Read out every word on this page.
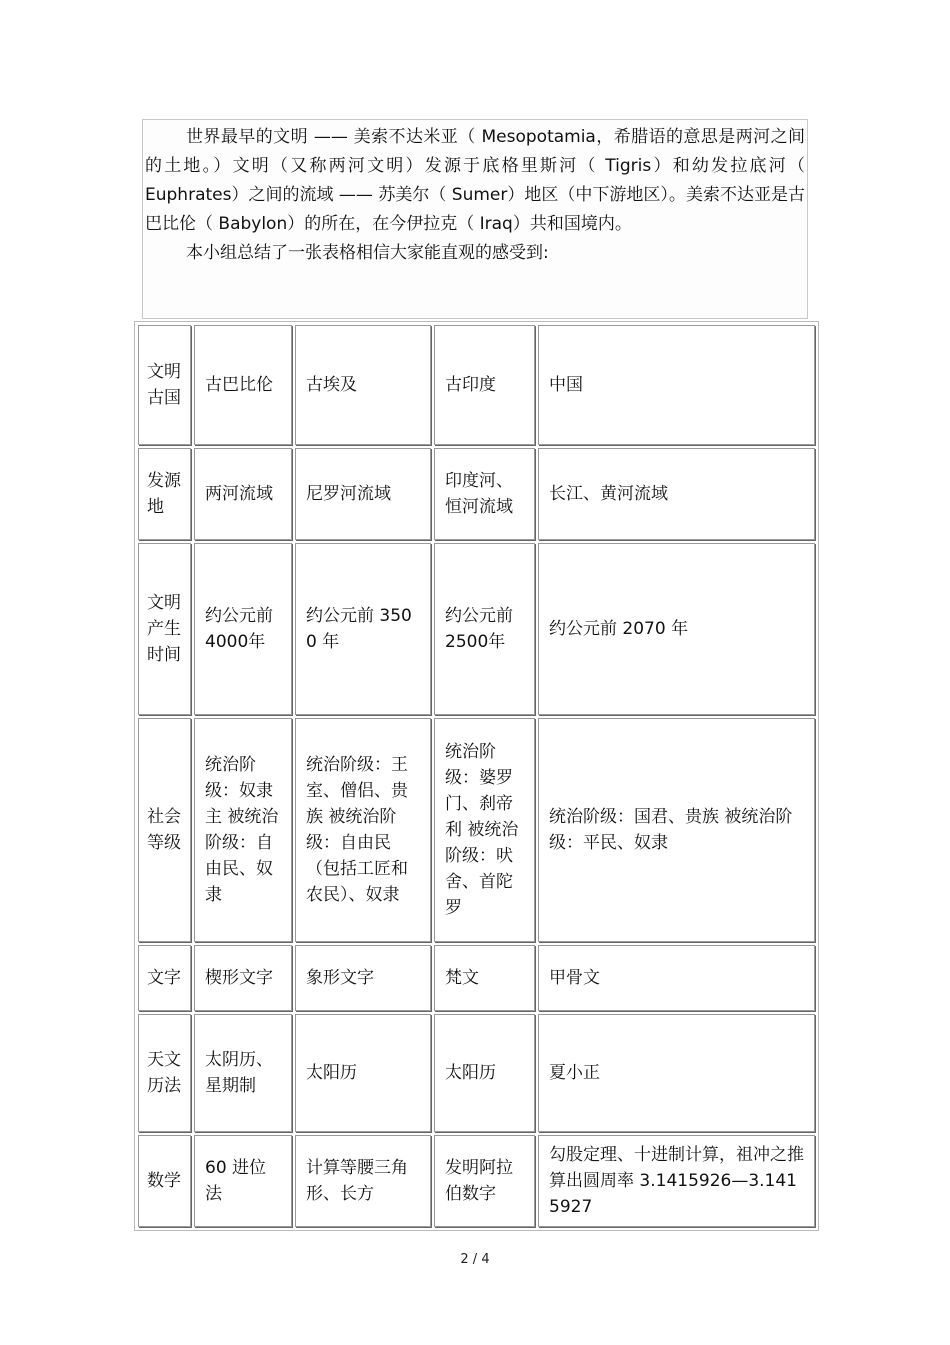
世界最早的文明 —— 美索不达米亚（ Mesopotamia，希腊语的意思是两河之间的土地。）文明（又称两河文明）发源于底格里斯河（ Tigris）和幼发拉底河（ Euphrates）之间的流域 —— 苏美尔（ Sumer）地区（中下游地区）。美索不达亚是古巴比伦（ Babylon）的所在，在今伊拉克（ Iraq）共和国境内。

本小组总结了一张表格相信大家能直观的感受到:

文明古国	古巴比伦	古埃及	古印度	中国
发源地	两河流域	尼罗河流域	印度河、恒河流域	长江、黄河流域
文明产生时间	约公元前 4000年	约公元前 3500 年	约公元前 2500年	约公元前 2070 年
社会等级	统治阶级：奴隶主 被统治阶级：自由民、奴隶	统治阶级：王室、僧侣、贵族 被统治阶级：自由民（包括工匠和农民）、奴隶	统治阶级：婆罗门、刹帝利 被统治阶级：吠舍、首陀罗	统治阶级：国君、贵族 被统治阶级：平民、奴隶
文字	楔形文字	象形文字	梵文	甲骨文
天文历法	太阴历、星期制	太阳历	太阳历	夏小正
数学	60 进位法	计算等腰三角形、长方	发明阿拉伯数字	勾股定理、十进制计算，祖冲之推算出圆周率 3.1415926—3.1415927
2 / 4
